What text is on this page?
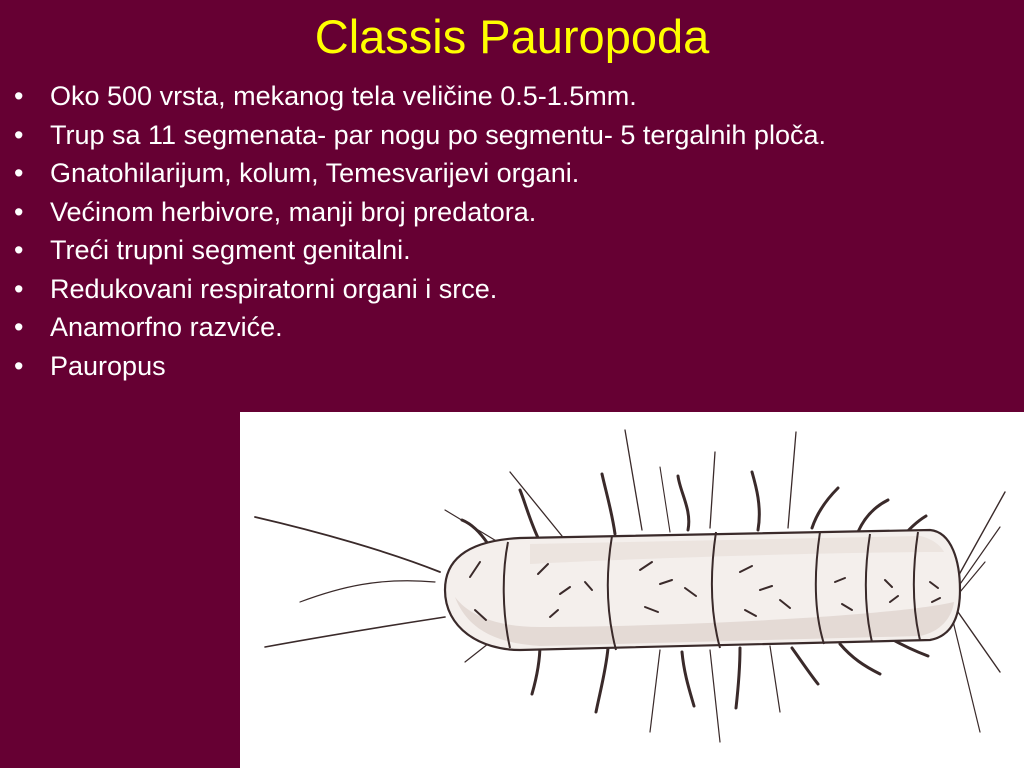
Classis Pauropoda
• Oko 500 vrsta, mekanog tela veličine 0.5-1.5mm.
• Trup sa 11 segmenata- par nogu po segmentu- 5 tergalnih ploča.
• Gnatohilarijum, kolum, Temesvarijevi organi.
• Većinom herbivore, manji broj predatora.
• Treći trupni segment genitalni.
• Redukovani respiratorni organi i srce.
• Anamorfno razviće.
• Pauropus
